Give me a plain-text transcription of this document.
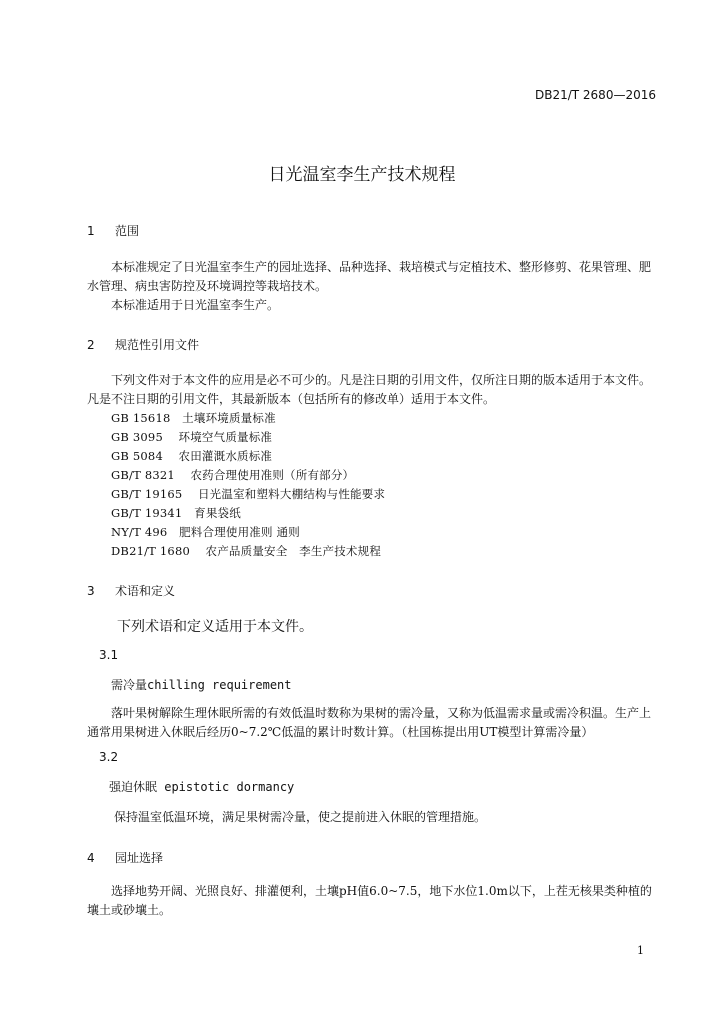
DB21/T 2680—2016
日光温室李生产技术规程
1 范围
本标准规定了日光温室李生产的园址选择、品种选择、栽培模式与定植技术、整形修剪、花果管理、肥水管理、病虫害防控及环境调控等栽培技术。
本标准适用于日光温室李生产。
2 规范性引用文件
下列文件对于本文件的应用是必不可少的。凡是注日期的引用文件，仅所注日期的版本适用于本文件。凡是不注日期的引用文件，其最新版本（包括所有的修改单）适用于本文件。
GB 15618　土壤环境质量标准
GB 3095　 环境空气质量标准
GB 5084　 农田灌溉水质标准
GB/T 8321　 农药合理使用准则（所有部分）
GB/T 19165　 日光温室和塑料大棚结构与性能要求
GB/T 19341　育果袋纸
NY/T 496　肥料合理使用准则 通则
DB21/T 1680　 农产品质量安全　李生产技术规程
3 术语和定义
下列术语和定义适用于本文件。
3.1
需冷量chilling requirement
落叶果树解除生理休眠所需的有效低温时数称为果树的需冷量，又称为低温需求量或需冷积温。生产上通常用果树进入休眠后经历0~7.2℃低温的累计时数计算。（杜国栋提出用UT模型计算需冷量）
3.2
强迫休眠 epistotic dormancy
保持温室低温环境，满足果树需冷量，使之提前进入休眠的管理措施。
4 园址选择
选择地势开阔、光照良好、排灌便利，土壤pH值6.0~7.5，地下水位1.0m以下，上茬无核果类种植的壤土或砂壤土。
1
